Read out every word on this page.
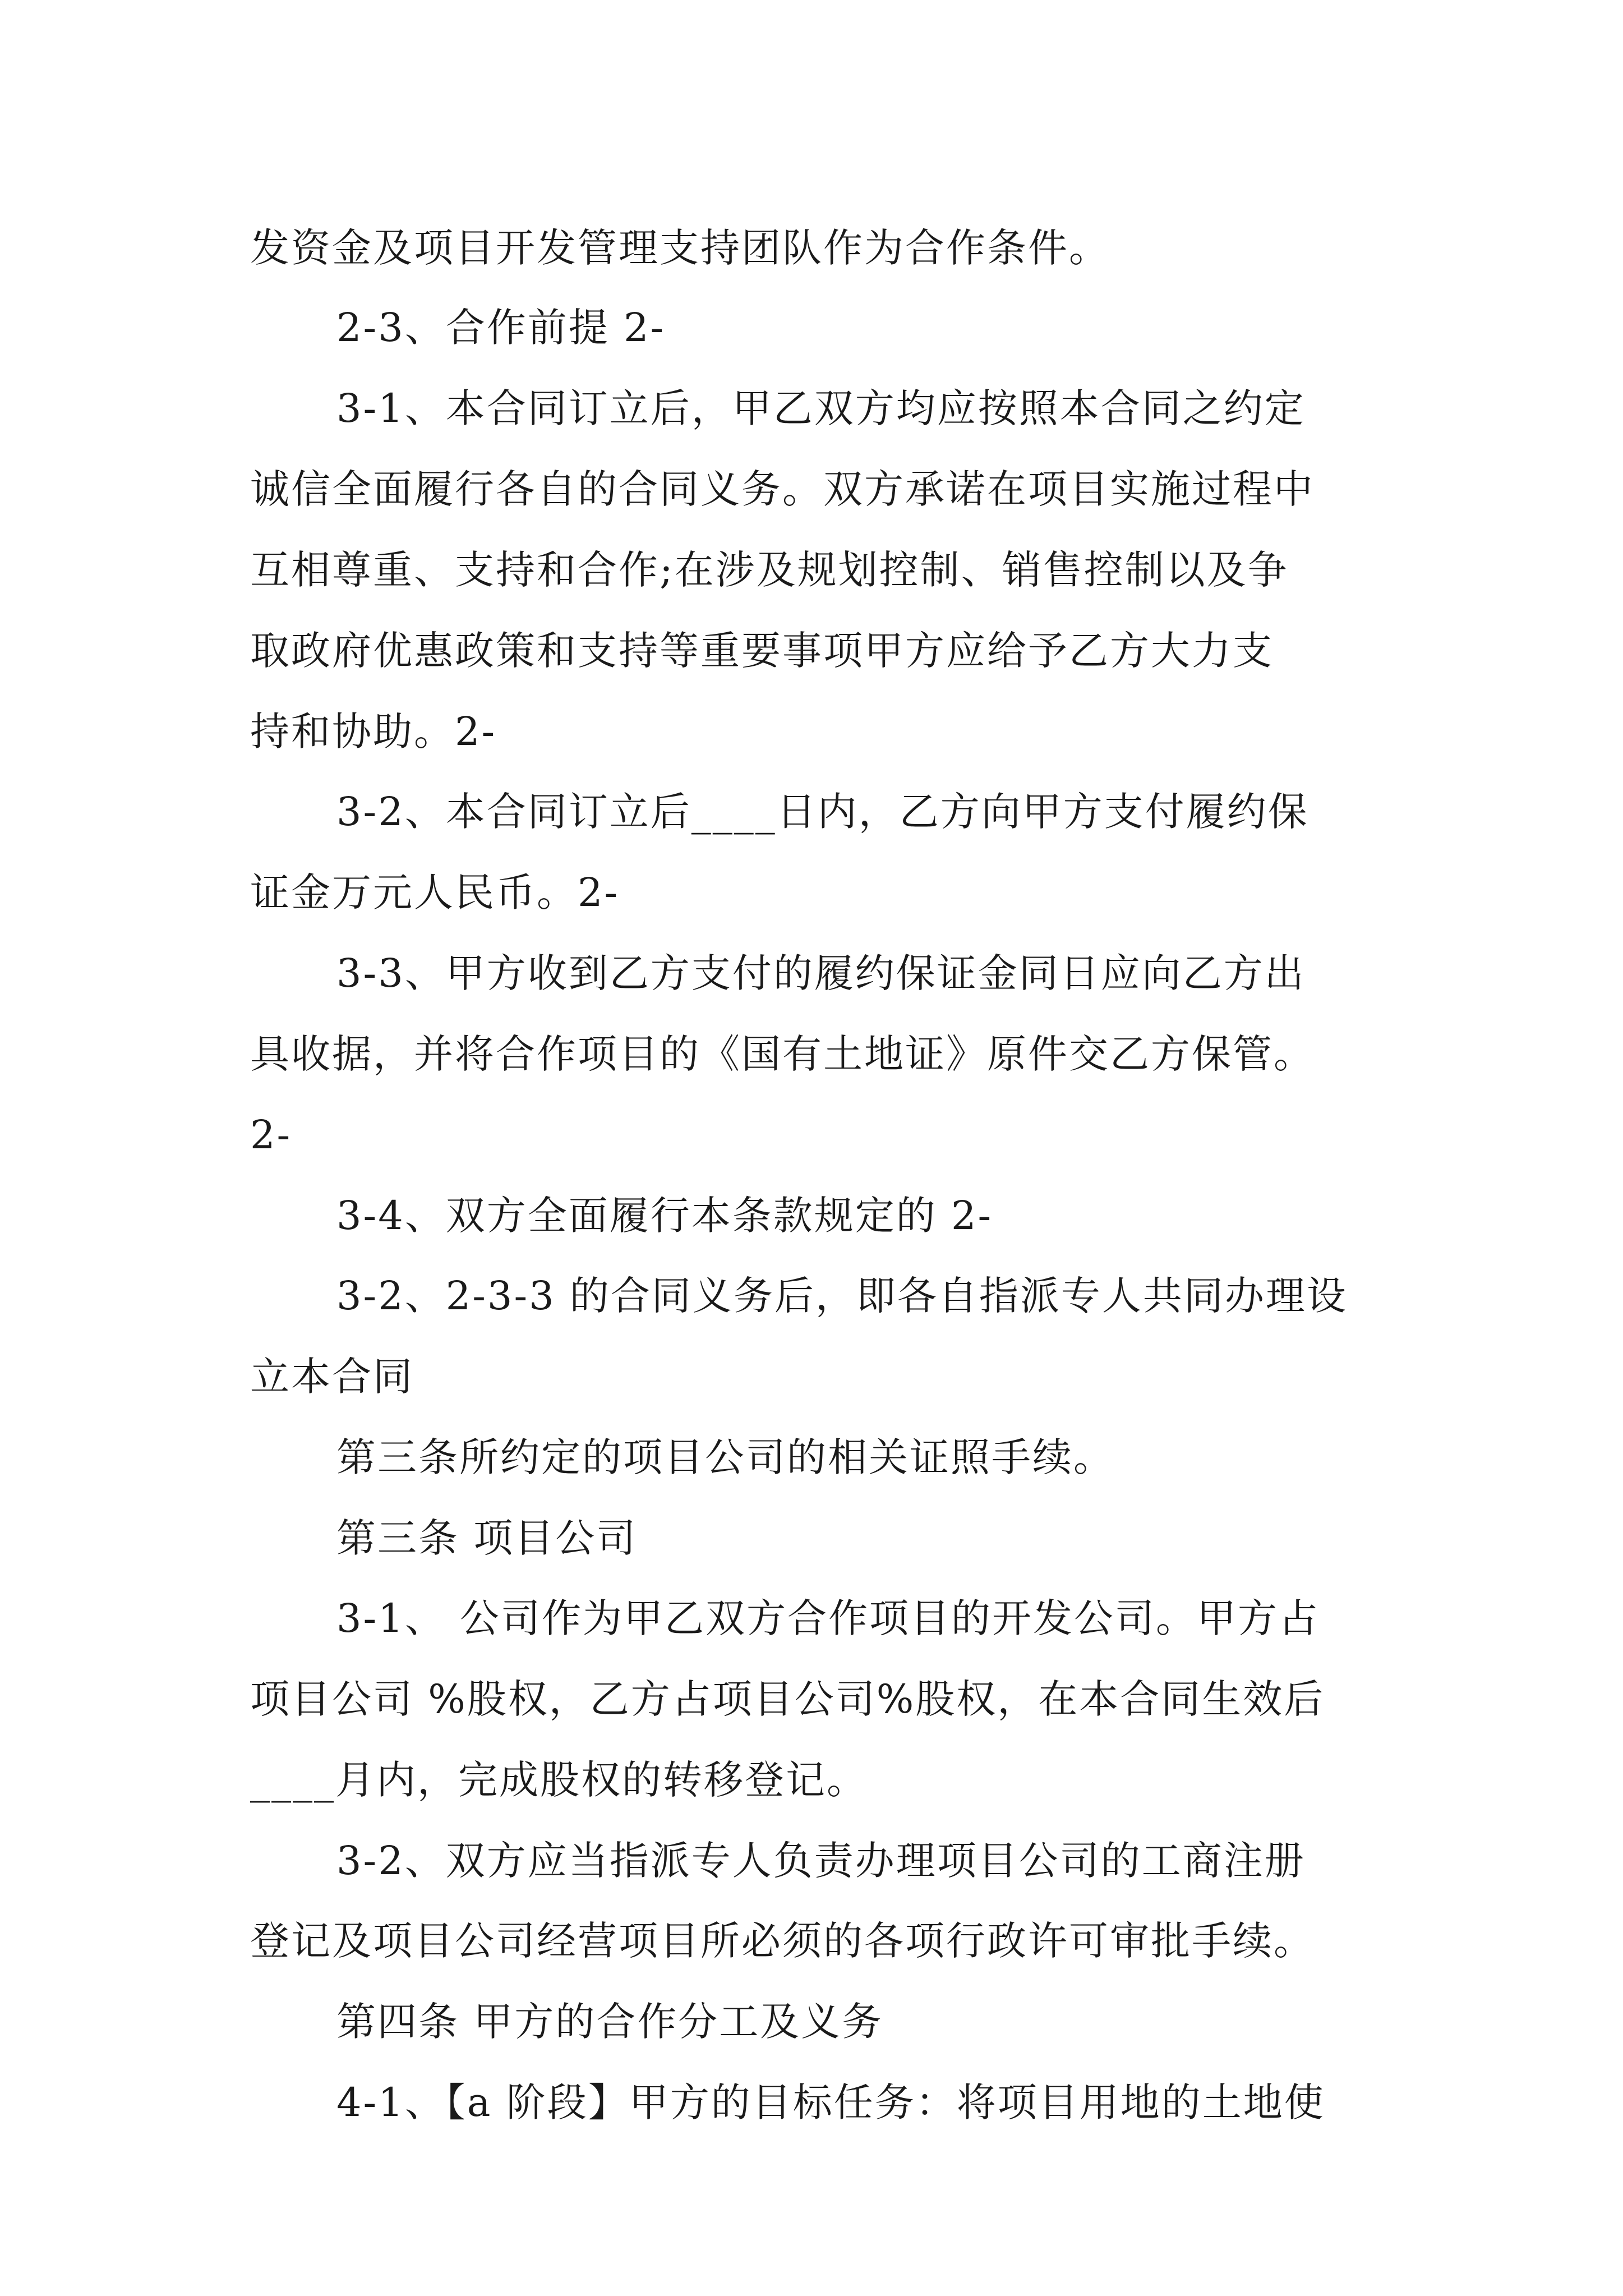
发资金及项目开发管理支持团队作为合作条件。
2-3、合作前提 2-
3-1、本合同订立后，甲乙双方均应按照本合同之约定
诚信全面履行各自的合同义务。双方承诺在项目实施过程中
互相尊重、支持和合作;在涉及规划控制、销售控制以及争
取政府优惠政策和支持等重要事项甲方应给予乙方大力支
持和协助。2-
3-2、本合同订立后____日内，乙方向甲方支付履约保
证金万元人民币。2-
3-3、甲方收到乙方支付的履约保证金同日应向乙方出
具收据，并将合作项目的《国有土地证》原件交乙方保管。
2-
3-4、双方全面履行本条款规定的 2-
3-2、2-3-3 的合同义务后，即各自指派专人共同办理设
立本合同
第三条所约定的项目公司的相关证照手续。
第三条 项目公司
3-1、 公司作为甲乙双方合作项目的开发公司。甲方占
项目公司 %股权，乙方占项目公司%股权，在本合同生效后
____月内，完成股权的转移登记。
3-2、双方应当指派专人负责办理项目公司的工商注册
登记及项目公司经营项目所必须的各项行政许可审批手续。
第四条 甲方的合作分工及义务
4-1、【a 阶段】甲方的目标任务：将项目用地的土地使
